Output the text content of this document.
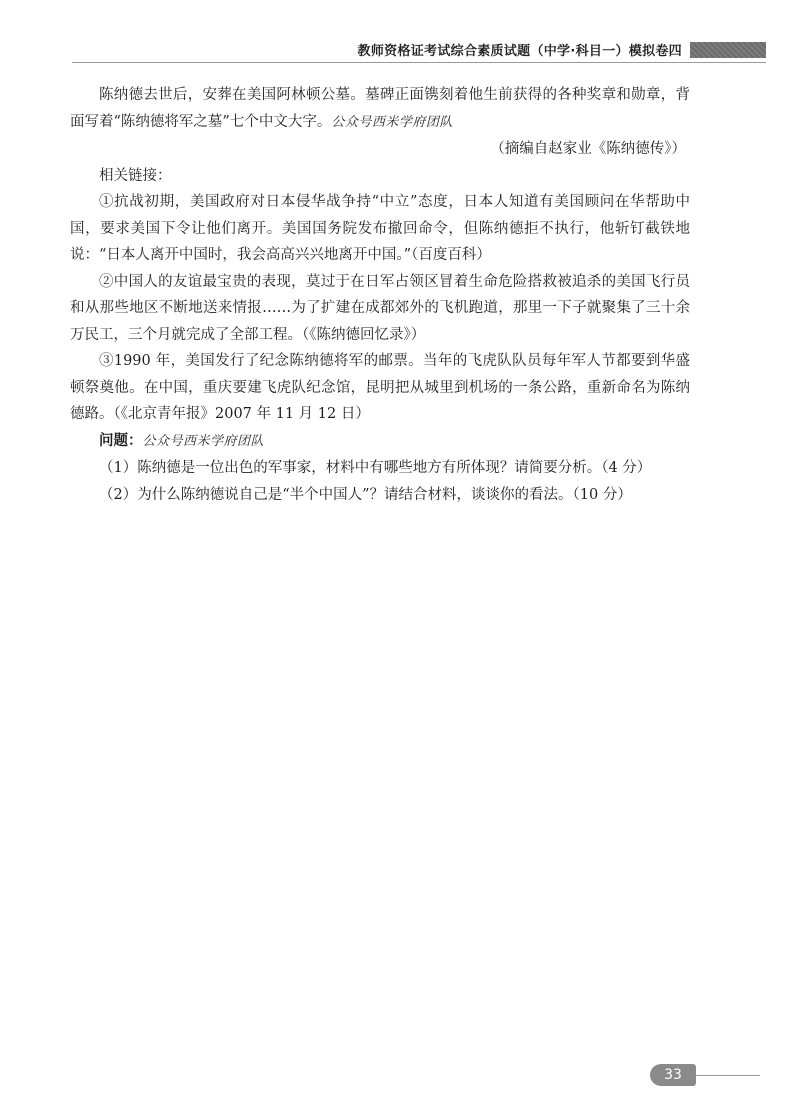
教师资格证考试综合素质试题（中学·科目一）模拟卷四

陈纳德去世后，安葬在美国阿林顿公墓。墓碑正面镌刻着他生前获得的各种奖章和勋章，背面写着“陈纳德将军之墓”七个中文大字。公众号西米学府团队

（摘编自赵家业《陈纳德传》）

相关链接：

①抗战初期，美国政府对日本侵华战争持“中立”态度，日本人知道有美国顾问在华帮助中国，要求美国下令让他们离开。美国国务院发布撤回命令，但陈纳德拒不执行，他斩钉截铁地说：“日本人离开中国时，我会高高兴兴地离开中国。”（百度百科）

②中国人的友谊最宝贵的表现，莫过于在日军占领区冒着生命危险搭救被追杀的美国飞行员和从那些地区不断地送来情报……为了扩建在成都郊外的飞机跑道，那里一下子就聚集了三十余万民工，三个月就完成了全部工程。（《陈纳德回忆录》）

③1990 年，美国发行了纪念陈纳德将军的邮票。当年的飞虎队队员每年军人节都要到华盛顿祭奠他。在中国，重庆要建飞虎队纪念馆，昆明把从城里到机场的一条公路，重新命名为陈纳德路。（《北京青年报》2007 年 11 月 12 日）

问题：公众号西米学府团队

（1）陈纳德是一位出色的军事家，材料中有哪些地方有所体现？请简要分析。（4 分）

（2）为什么陈纳德说自己是“半个中国人”？请结合材料，谈谈你的看法。（10 分）

33
